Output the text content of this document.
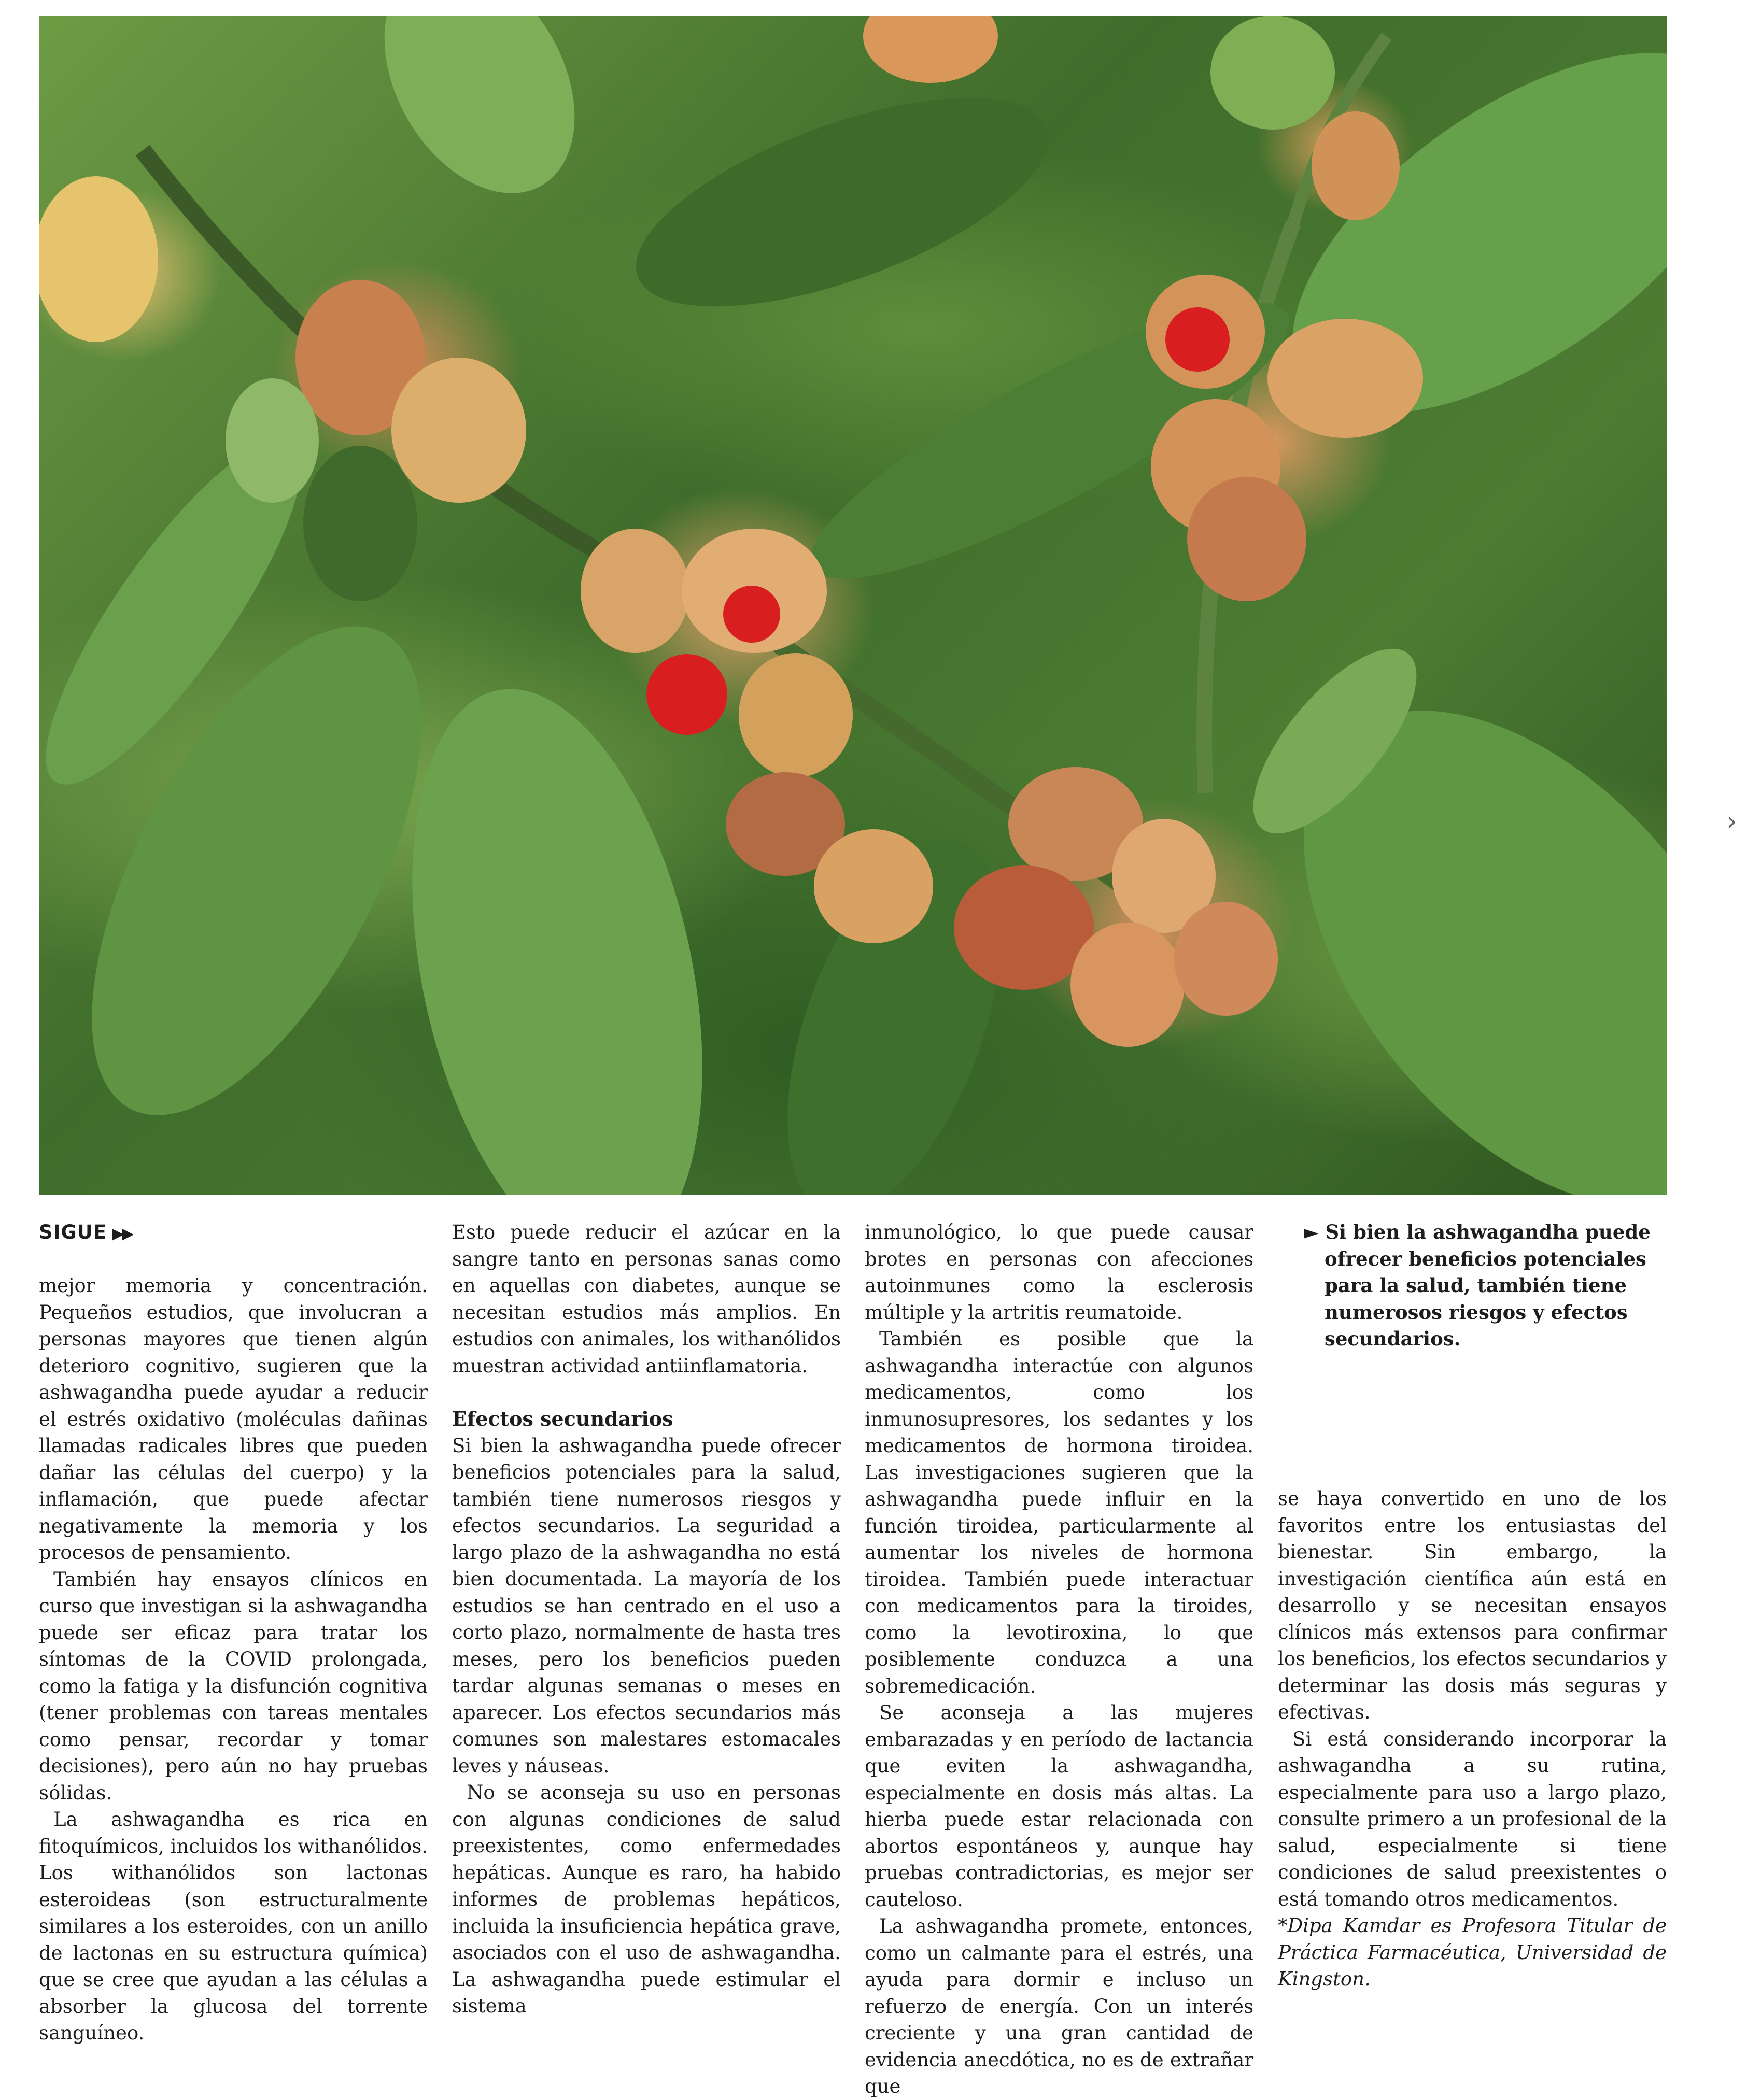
SIGUE ▶▶

mejor memoria y concentración. Pequeños estudios, que involucran a personas mayores que tienen algún deterioro cognitivo, sugieren que la ashwagandha puede ayudar a reducir el estrés oxidativo (moléculas dañinas llamadas radicales libres que pueden dañar las células del cuerpo) y la inflamación, que puede afectar negativamente la memoria y los procesos de pensamiento.

También hay ensayos clínicos en curso que investigan si la ashwagandha puede ser eficaz para tratar los síntomas de la COVID prolongada, como la fatiga y la disfunción cognitiva (tener problemas con tareas mentales como pensar, recordar y tomar decisiones), pero aún no hay pruebas sólidas.

La ashwagandha es rica en fitoquímicos, incluidos los withanólidos. Los withanólidos son lactonas esteroideas (son estructuralmente similares a los esteroides, con un anillo de lactonas en su estructura química) que se cree que ayudan a las células a absorber la glucosa del torrente sanguíneo.

Esto puede reducir el azúcar en la sangre tanto en personas sanas como en aquellas con diabetes, aunque se necesitan estudios más amplios. En estudios con animales, los withanólidos muestran actividad antiinflamatoria.

Efectos secundarios

Si bien la ashwagandha puede ofrecer beneficios potenciales para la salud, también tiene numerosos riesgos y efectos secundarios. La seguridad a largo plazo de la ashwagandha no está bien documentada. La mayoría de los estudios se han centrado en el uso a corto plazo, normalmente de hasta tres meses, pero los beneficios pueden tardar algunas semanas o meses en aparecer. Los efectos secundarios más comunes son malestares estomacales leves y náuseas.

No se aconseja su uso en personas con algunas condiciones de salud preexistentes, como enfermedades hepáticas. Aunque es raro, ha habido informes de problemas hepáticos, incluida la insuficiencia hepática grave, asociados con el uso de ashwagandha. La ashwagandha puede estimular el sistema

inmunológico, lo que puede causar brotes en personas con afecciones autoinmunes como la esclerosis múltiple y la artritis reumatoide.

También es posible que la ashwagandha interactúe con algunos medicamentos, como los inmunosupresores, los sedantes y los medicamentos de hormona tiroidea. Las investigaciones sugieren que la ashwagandha puede influir en la función tiroidea, particularmente al aumentar los niveles de hormona tiroidea. También puede interactuar con medicamentos para la tiroides, como la levotiroxina, lo que posiblemente conduzca a una sobremedicación.

Se aconseja a las mujeres embarazadas y en período de lactancia que eviten la ashwagandha, especialmente en dosis más altas. La hierba puede estar relacionada con abortos espontáneos y, aunque hay pruebas contradictorias, es mejor ser cauteloso.

La ashwagandha promete, entonces, como un calmante para el estrés, una ayuda para dormir e incluso un refuerzo de energía. Con un interés creciente y una gran cantidad de evidencia anecdótica, no es de extrañar que

► Si bien la ashwagandha puede ofrecer beneficios potenciales para la salud, también tiene numerosos riesgos y efectos secundarios.

se haya convertido en uno de los favoritos entre los entusiastas del bienestar. Sin embargo, la investigación científica aún está en desarrollo y se necesitan ensayos clínicos más extensos para confirmar los beneficios, los efectos secundarios y determinar las dosis más seguras y efectivas.

Si está considerando incorporar la ashwagandha a su rutina, especialmente para uso a largo plazo, consulte primero a un profesional de la salud, especialmente si tiene condiciones de salud preexistentes o está tomando otros medicamentos.

*Dipa Kamdar es Profesora Titular de Práctica Farmacéutica, Universidad de Kingston.

›
